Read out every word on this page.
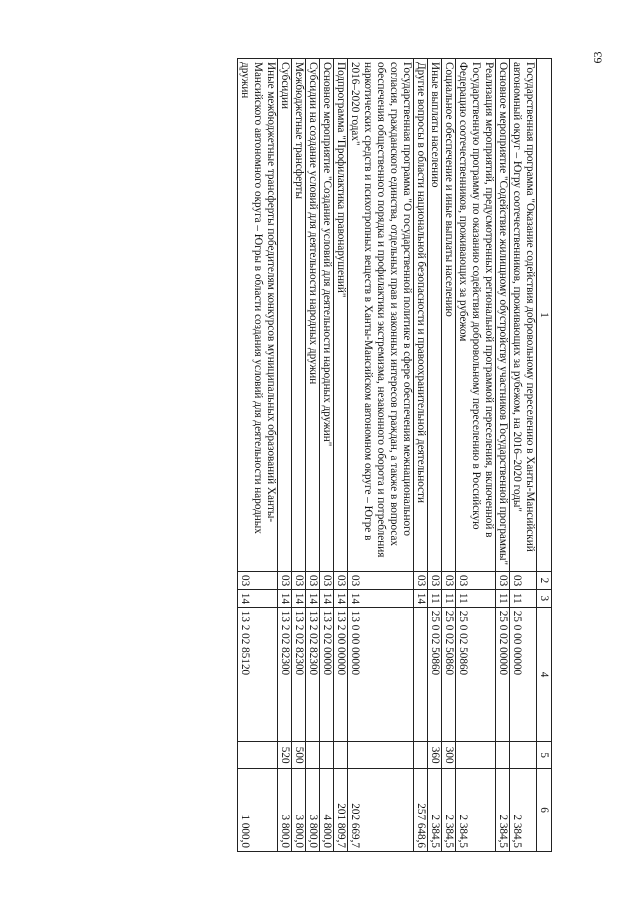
63
1	2	3	4	5	6
Государственная программа "Оказание содействия добровольному переселению в Ханты-Мансийский автономный округ – Югру соотечественников, проживающих за рубежом, на 2016–2020 годы"	03	11	25 0 00 00000		2 384,5
Основное мероприятие "Содействие жилищному обустройству участников Государственной программы"	03	11	25 0 02 00000		2 384,5
Реализация мероприятий, предусмотренных региональной программой переселения, включенной в Государственную программу по оказанию содействия добровольному переселению в Российскую Федерацию соотечественников, проживающих за рубежом	03	11	25 0 02 50860		2 384,5
Социальное обеспечение и иные выплаты населению	03	11	25 0 02 50860	300	2 384,5
Иные выплаты населению	03	11	25 0 02 50860	360	2 384,5
Другие вопросы в области национальной безопасности и правоохранительной деятельности	03	14			257 648,6
Государственная программа "О государственной политике в сфере обеспечения межнационального согласия, гражданского единства, отдельных прав и законных интересов граждан, а также в вопросах обеспечения общественного порядка и профилактики экстремизма, незаконного оборота и потребления наркотических средств и психотропных веществ в Ханты-Мансийском автономном округе – Югре в 2016–2020 годах"	03	14	13 0 00 00000		202 669,7
Подпрограмма "Профилактика правонарушений"	03	14	13 2 00 00000		201 809,7
Основное мероприятие "Создание условий для деятельности народных дружин"	03	14	13 2 02 00000		4 800,0
Субсидии на создание условий для деятельности народных дружин	03	14	13 2 02 82300		3 800,0
Межбюджетные трансферты	03	14	13 2 02 82300	500	3 800,0
Субсидии	03	14	13 2 02 82300	520	3 800,0
Иные межбюджетные трансферты победителям конкурсов муниципальных образований Ханты-Мансийского автономного округа – Югры в области создания условий для деятельности народных дружин	03	14	13 2 02 85120		1 000,0
